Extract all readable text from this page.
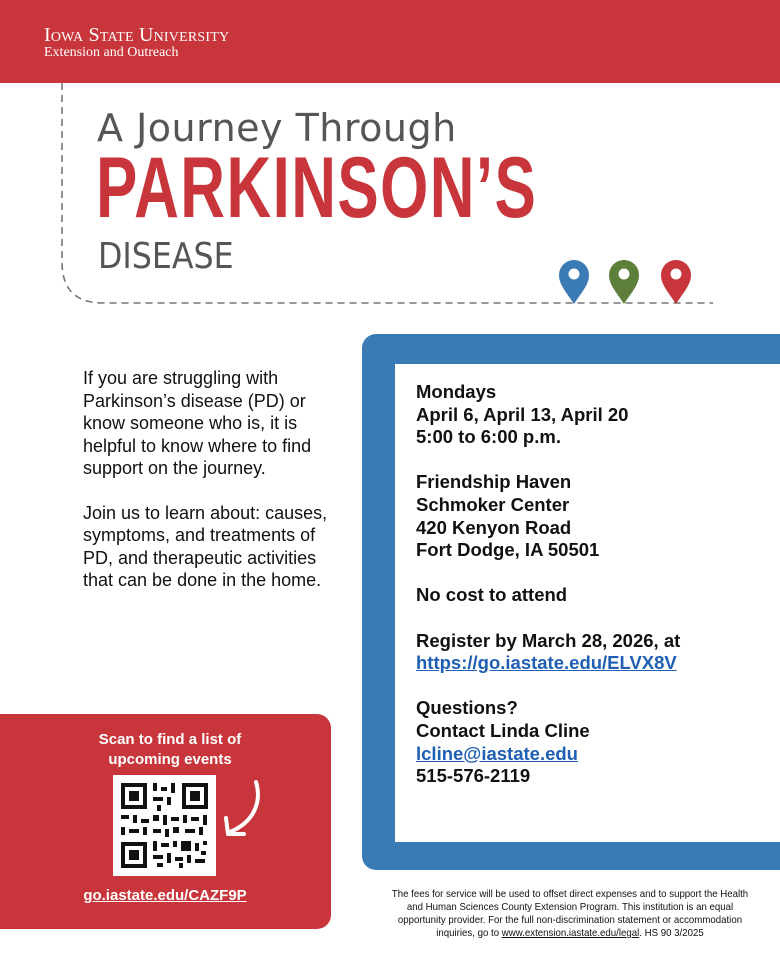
Iowa State University
Extension and Outreach
A Journey Through
PARKINSON’S
DISEASE

If you are struggling with Parkinson’s disease (PD) or know someone who is, it is helpful to know where to find support on the journey.

Join us to learn about: causes, symptoms, and treatments of PD, and therapeutic activities that can be done in the home.

Mondays
April 6, April 13, April 20
5:00 to 6:00 p.m.
Friendship Haven
Schmoker Center
420 Kenyon Road
Fort Dodge, IA 50501
No cost to attend
Register by March 28, 2026, at
https://go.iastate.edu/ELVX8V
Questions?
Contact Linda Cline
lcline@iastate.edu
515-576-2119
Scan to find a list of upcoming events
go.iastate.edu/CAZF9P	The fees for service will be used to offset direct expenses and to support the Health and Human Sciences County Extension Program. This institution is an equal opportunity provider. For the full non-discrimination statement or accommodation inquiries, go to www.extension.iastate.edu/legal. HS 90 3/2025
